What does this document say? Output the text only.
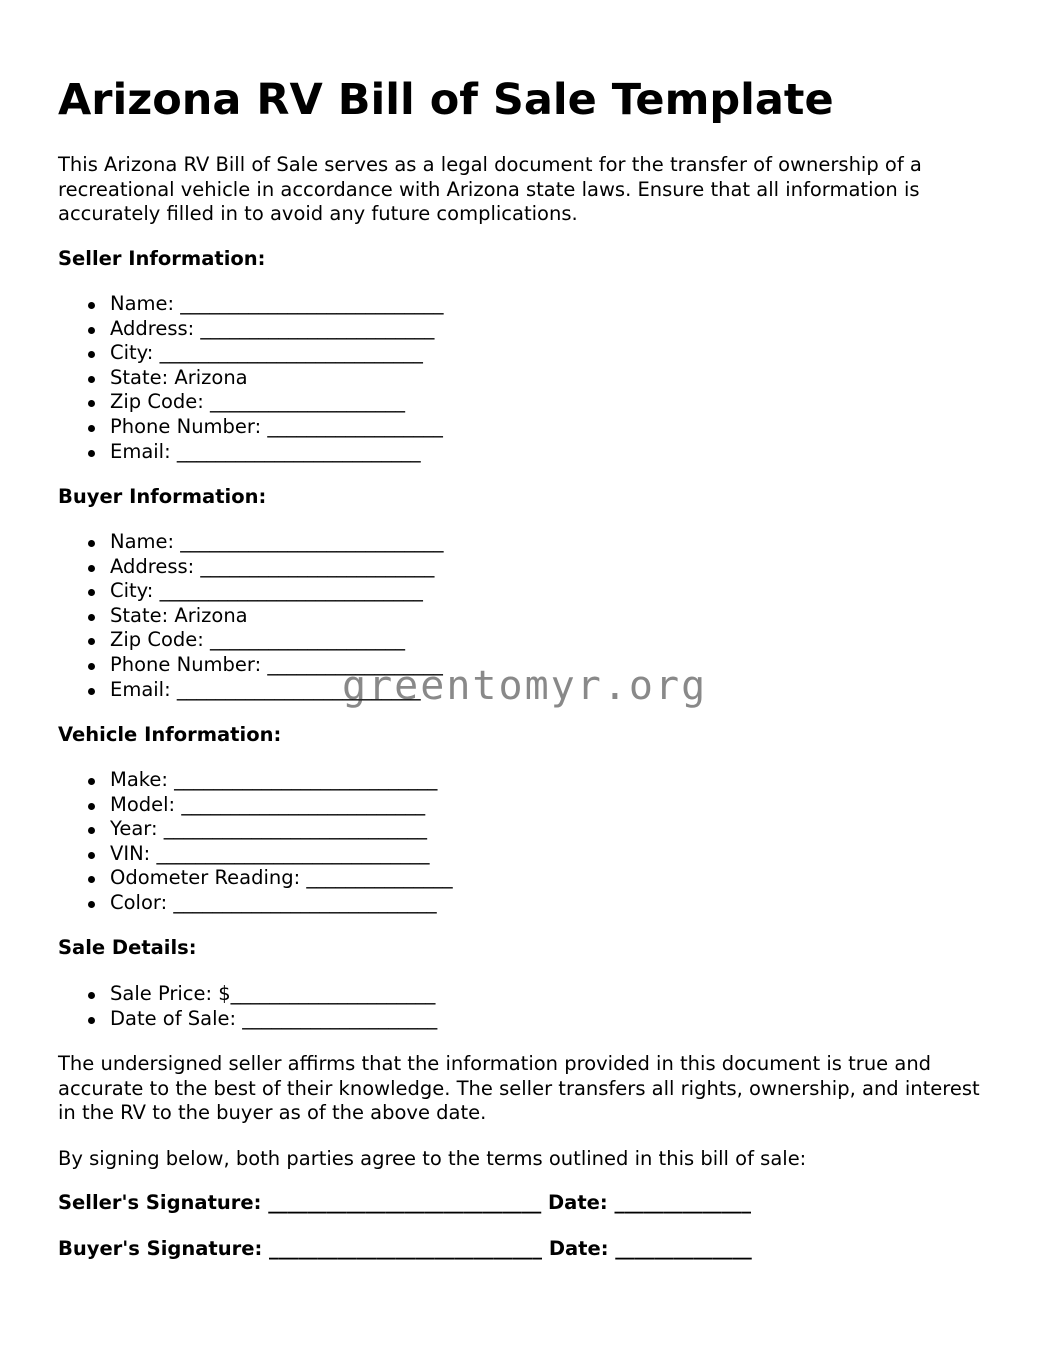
Arizona RV Bill of Sale Template

This Arizona RV Bill of Sale serves as a legal document for the transfer of ownership of a recreational vehicle in accordance with Arizona state laws. Ensure that all information is accurately filled in to avoid any future complications.

Seller Information:

Name: ___________________________
Address: ________________________
City: ___________________________
State: Arizona
Zip Code: ____________________
Phone Number: __________________
Email: _________________________

Buyer Information:

Name: ___________________________
Address: ________________________
City: ___________________________
State: Arizona
Zip Code: ____________________
Phone Number: __________________
Email: _________________________

Vehicle Information:

Make: ___________________________
Model: _________________________
Year: ___________________________
VIN: ____________________________
Odometer Reading: _______________
Color: ___________________________

Sale Details:

Sale Price: $_____________________
Date of Sale: ____________________

The undersigned seller affirms that the information provided in this document is true and accurate to the best of their knowledge. The seller transfers all rights, ownership, and interest in the RV to the buyer as of the above date.

By signing below, both parties agree to the terms outlined in this bill of sale:

Seller's Signature: ____________________________ Date: ______________

Buyer's Signature: ____________________________ Date: ______________

greentomyr.org
